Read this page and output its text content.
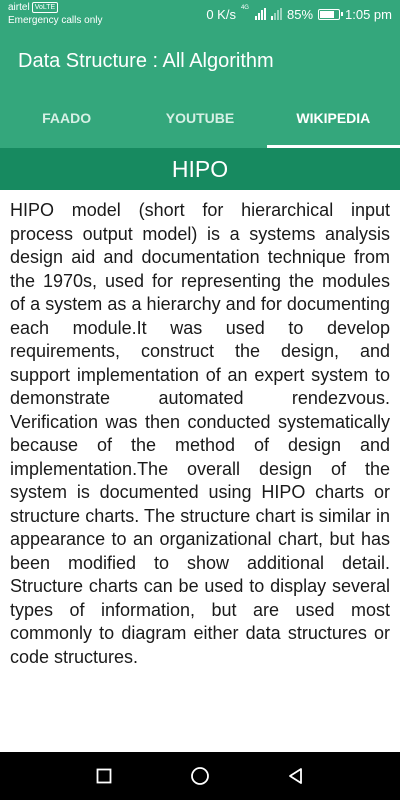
airtel VoLTE
Emergency calls only	0 K/s 4G	85% 1:05 pm
Data Structure : All Algorithm
FAADO	YOUTUBE	WIKIPEDIA
HIPO
HIPO model (short for hierarchical input process output model) is a systems analysis design aid and documentation technique from the 1970s, used for representing the modules of a system as a hierarchy and for documenting each module.It was used to develop requirements, construct the design, and support implementation of an expert system to demonstrate automated rendezvous. Verification was then conducted systematically because of the method of design and implementation.The overall design of the system is documented using HIPO charts or structure charts. The structure chart is similar in appearance to an organizational chart, but has been modified to show additional detail. Structure charts can be used to display several types of information, but are used most commonly to diagram either data structures or code structures.
